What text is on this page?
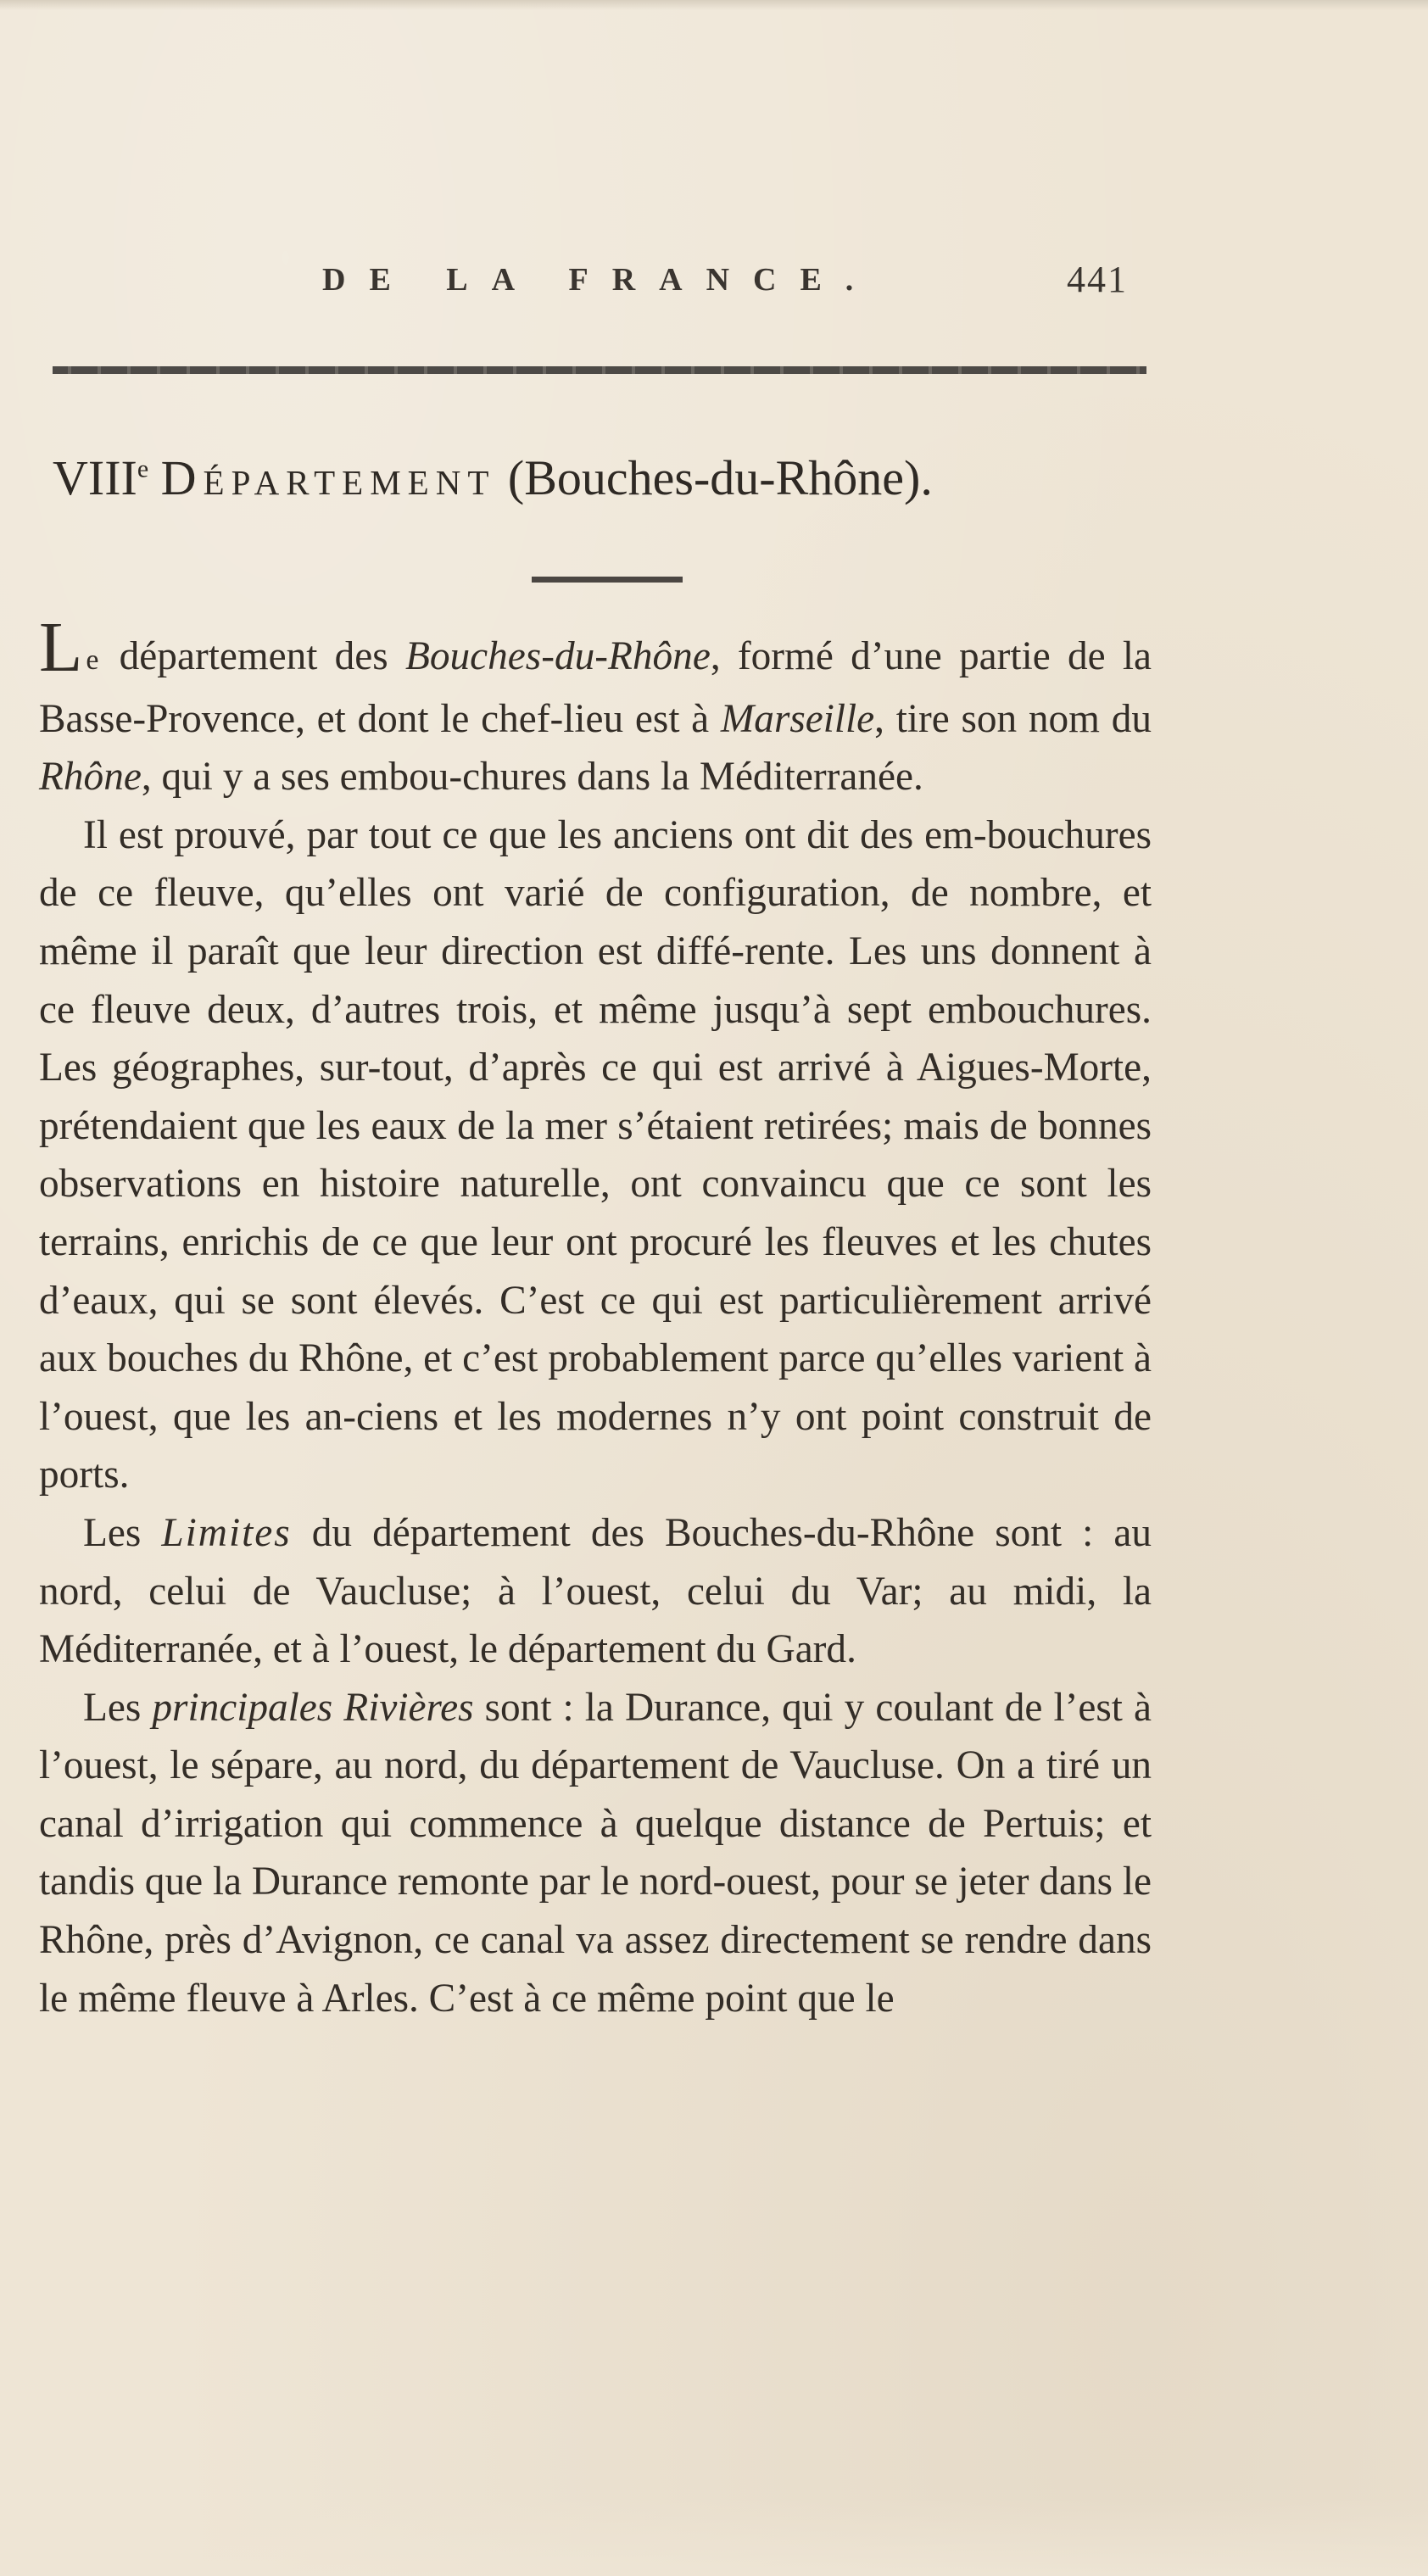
DE LA FRANCE.	441
VIIIe Département (Bouches-du-Rhône).

Le département des Bouches-du-Rhône, formé d’une partie de la Basse-Provence, et dont le chef-lieu est à Marseille, tire son nom du Rhône, qui y a ses embou-chures dans la Méditerranée.

Il est prouvé, par tout ce que les anciens ont dit des em-bouchures de ce fleuve, qu’elles ont varié de configuration, de nombre, et même il paraît que leur direction est diffé-rente. Les uns donnent à ce fleuve deux, d’autres trois, et même jusqu’à sept embouchures. Les géographes, sur-tout, d’après ce qui est arrivé à Aigues-Morte, prétendaient que les eaux de la mer s’étaient retirées; mais de bonnes observations en histoire naturelle, ont convaincu que ce sont les terrains, enrichis de ce que leur ont procuré les fleuves et les chutes d’eaux, qui se sont élevés. C’est ce qui est particulièrement arrivé aux bouches du Rhône, et c’est probablement parce qu’elles varient à l’ouest, que les an-ciens et les modernes n’y ont point construit de ports.

Les Limites du département des Bouches-du-Rhône sont : au nord, celui de Vaucluse; à l’ouest, celui du Var; au midi, la Méditerranée, et à l’ouest, le département du Gard.

Les principales Rivières sont : la Durance, qui y coulant de l’est à l’ouest, le sépare, au nord, du département de Vaucluse. On a tiré un canal d’irrigation qui commence à quelque distance de Pertuis; et tandis que la Durance remonte par le nord-ouest, pour se jeter dans le Rhône, près d’Avignon, ce canal va assez directement se rendre dans le même fleuve à Arles. C’est à ce même point que le
